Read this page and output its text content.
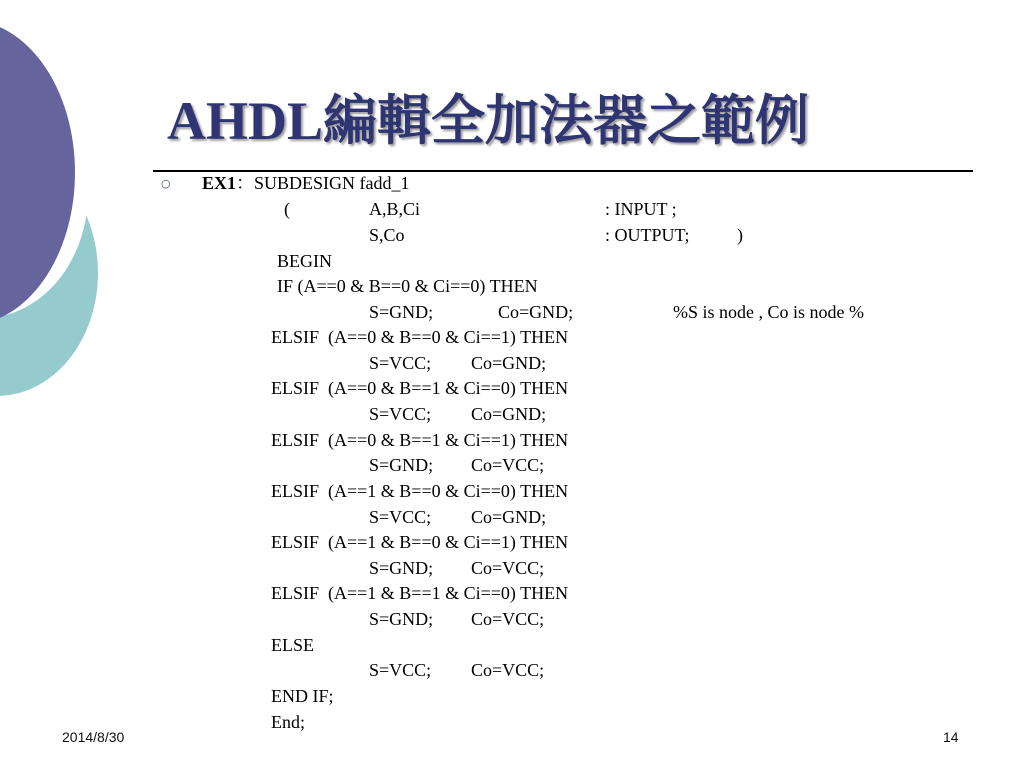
AHDL編輯全加法器之範例
○ EX1：SUBDESIGN fadd_1
(	A,B,Ci	: INPUT ;
S,Co	: OUTPUT;	)
BEGIN
IF (A==0 & B==0 & Ci==0) THEN
S=GND;	Co=GND;	%S is node , Co is node %
ELSIF  (A==0 & B==0 & Ci==1) THEN
S=VCC; Co=GND;
ELSIF  (A==0 & B==1 & Ci==0) THEN
S=VCC; Co=GND;
ELSIF  (A==0 & B==1 & Ci==1) THEN
S=GND; Co=VCC;
ELSIF  (A==1 & B==0 & Ci==0) THEN
S=VCC; Co=GND;
ELSIF  (A==1 & B==0 & Ci==1) THEN
S=GND; Co=VCC;
ELSIF  (A==1 & B==1 & Ci==0) THEN
S=GND; Co=VCC;
ELSE
S=VCC; Co=VCC;
END IF;
End;
2014/8/30	14
